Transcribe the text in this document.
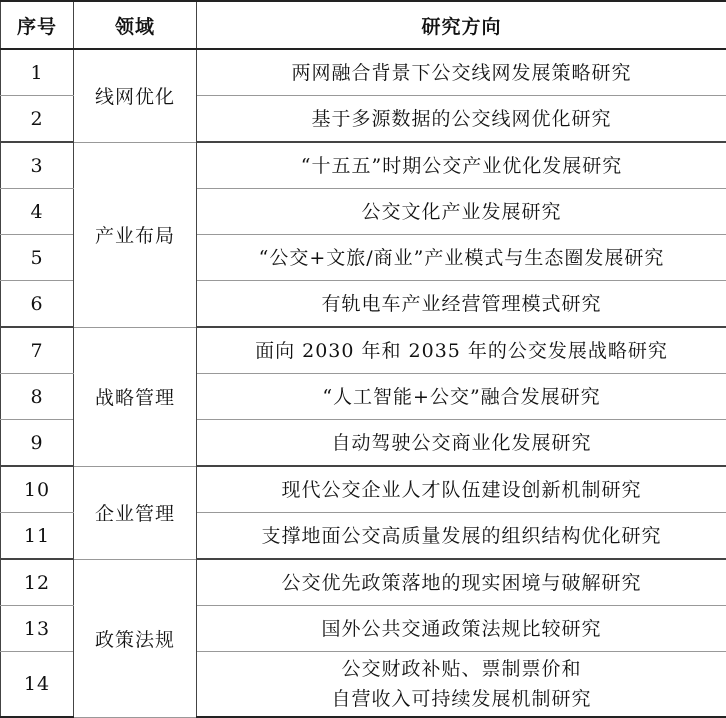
序号	领域	研究方向
1	线网优化	两网融合背景下公交线网发展策略研究
2		基于多源数据的公交线网优化研究
3	产业布局	“十五五”时期公交产业优化发展研究
4		公交文化产业发展研究
5		“公交+文旅/商业”产业模式与生态圈发展研究
6		有轨电车产业经营管理模式研究
7	战略管理	面向 2030 年和 2035 年的公交发展战略研究
8		“人工智能+公交”融合发展研究
9		自动驾驶公交商业化发展研究
10	企业管理	现代公交企业人才队伍建设创新机制研究
11		支撑地面公交高质量发展的组织结构优化研究
12	政策法规	公交优先政策落地的现实困境与破解研究
13		国外公共交通政策法规比较研究
14		公交财政补贴、票制票价和
自营收入可持续发展机制研究
